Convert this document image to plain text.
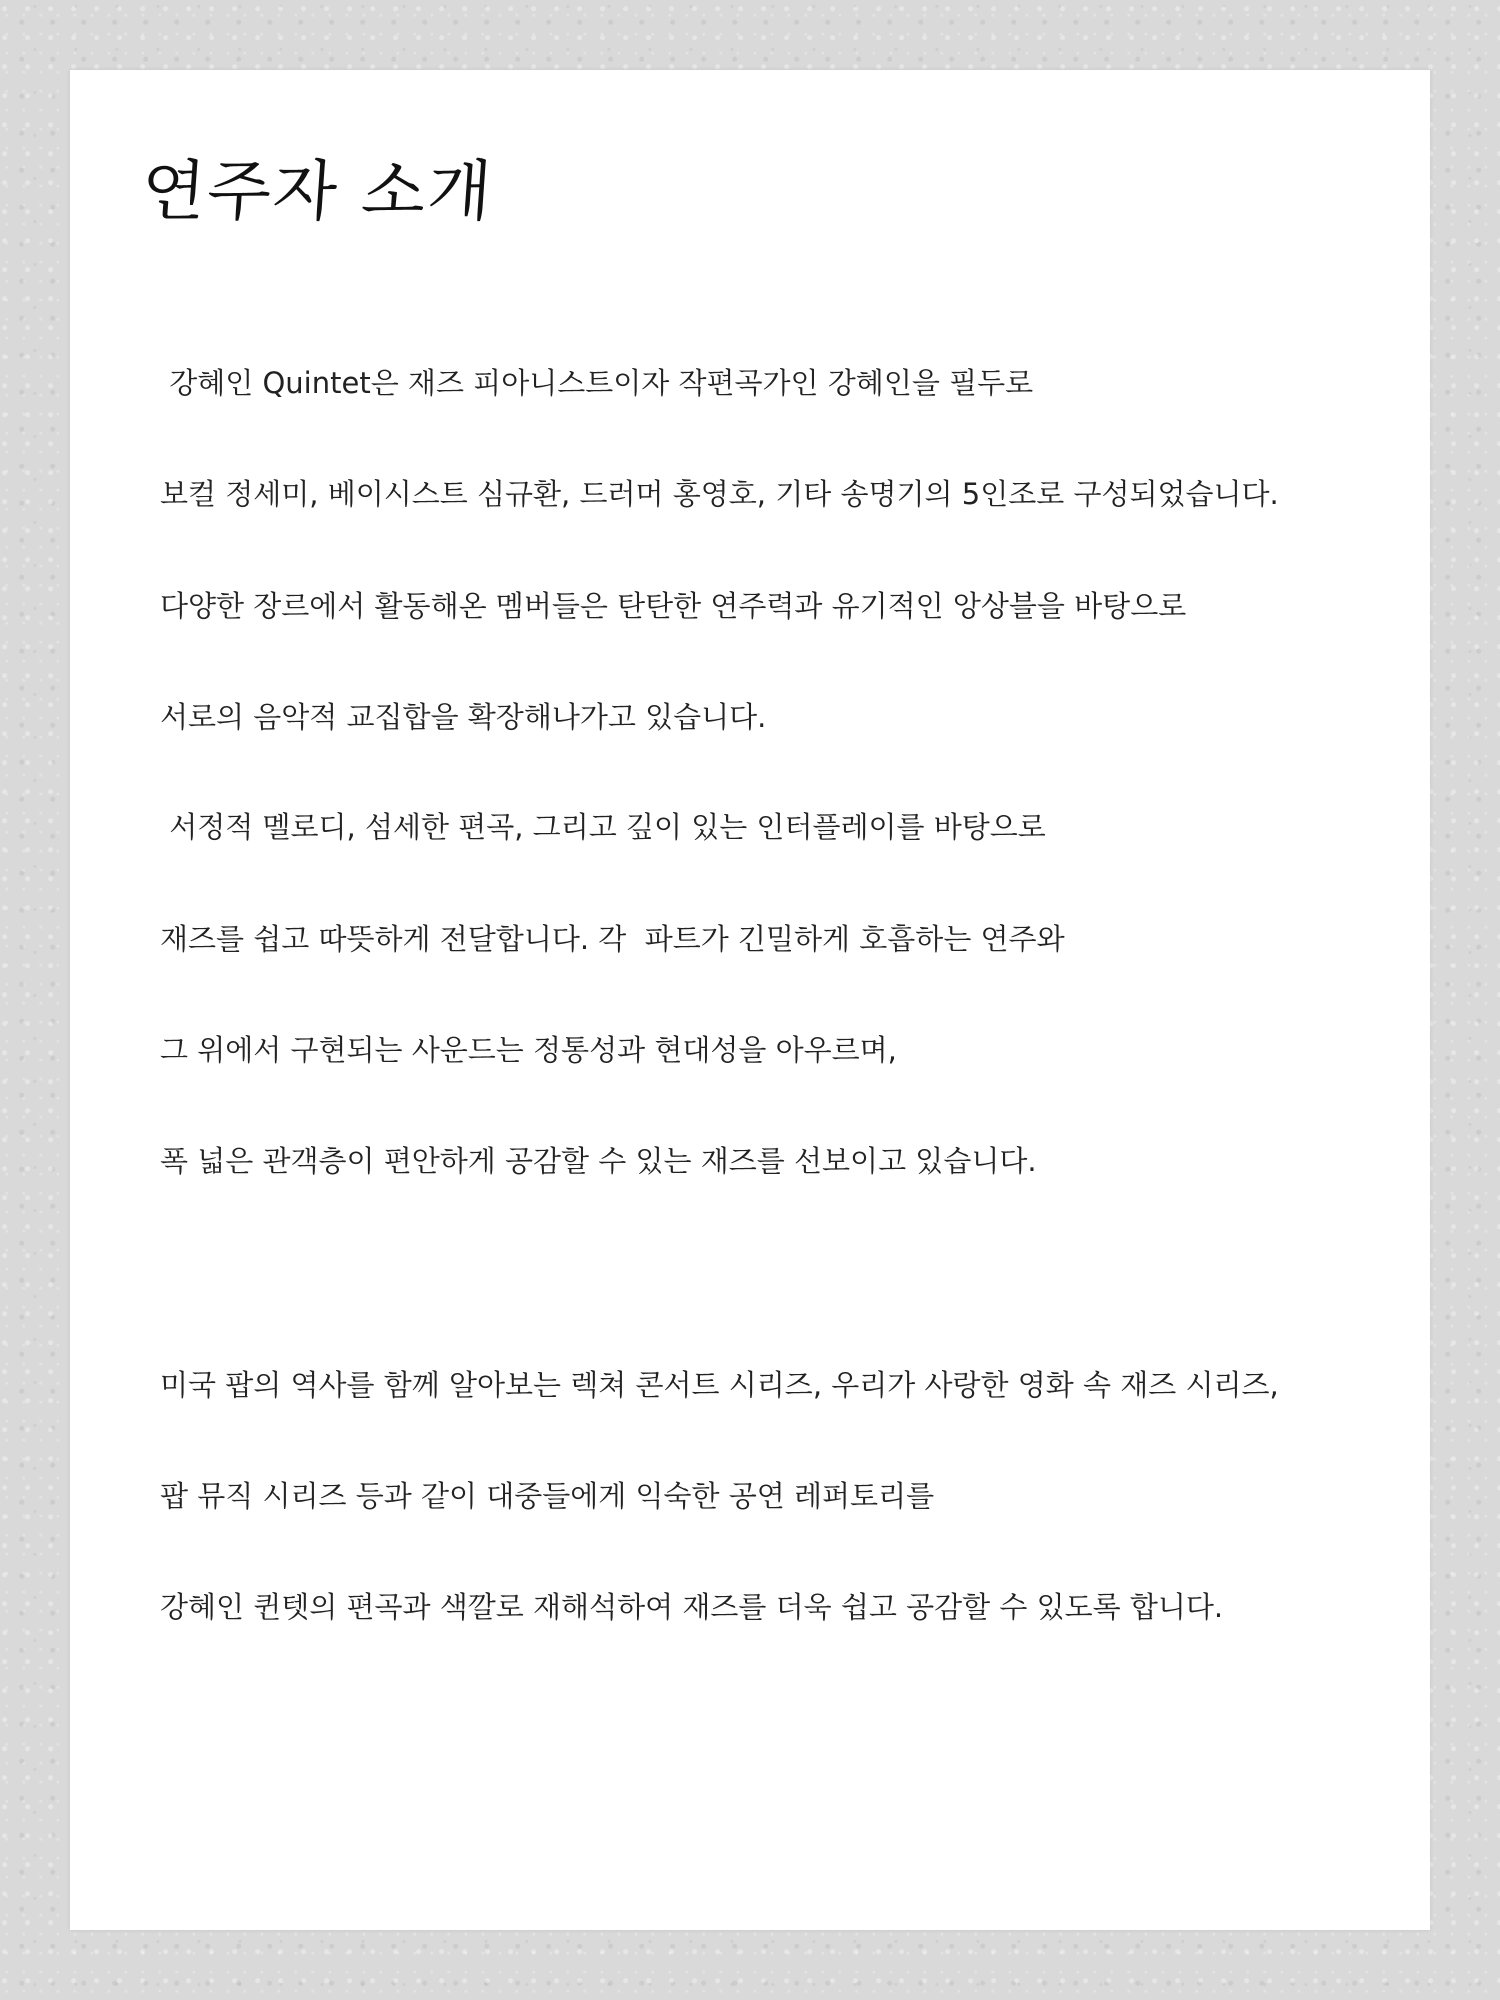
연주자 소개

강혜인 Quintet은 재즈 피아니스트이자 작편곡가인 강혜인을 필두로

보컬 정세미, 베이시스트 심규환, 드러머 홍영호, 기타 송명기의 5인조로 구성되었습니다.

다양한 장르에서 활동해온 멤버들은 탄탄한 연주력과 유기적인 앙상블을 바탕으로

서로의 음악적 교집합을 확장해나가고 있습니다.

서정적 멜로디, 섬세한 편곡, 그리고 깊이 있는 인터플레이를 바탕으로

재즈를 쉽고 따뜻하게 전달합니다. 각  파트가 긴밀하게 호흡하는 연주와

그 위에서 구현되는 사운드는 정통성과 현대성을 아우르며,

폭 넓은 관객층이 편안하게 공감할 수 있는 재즈를 선보이고 있습니다.

미국 팝의 역사를 함께 알아보는 렉쳐 콘서트 시리즈, 우리가 사랑한 영화 속 재즈 시리즈,

팝 뮤직 시리즈 등과 같이 대중들에게 익숙한 공연 레퍼토리를

강혜인 퀸텟의 편곡과 색깔로 재해석하여 재즈를 더욱 쉽고 공감할 수 있도록 합니다.
